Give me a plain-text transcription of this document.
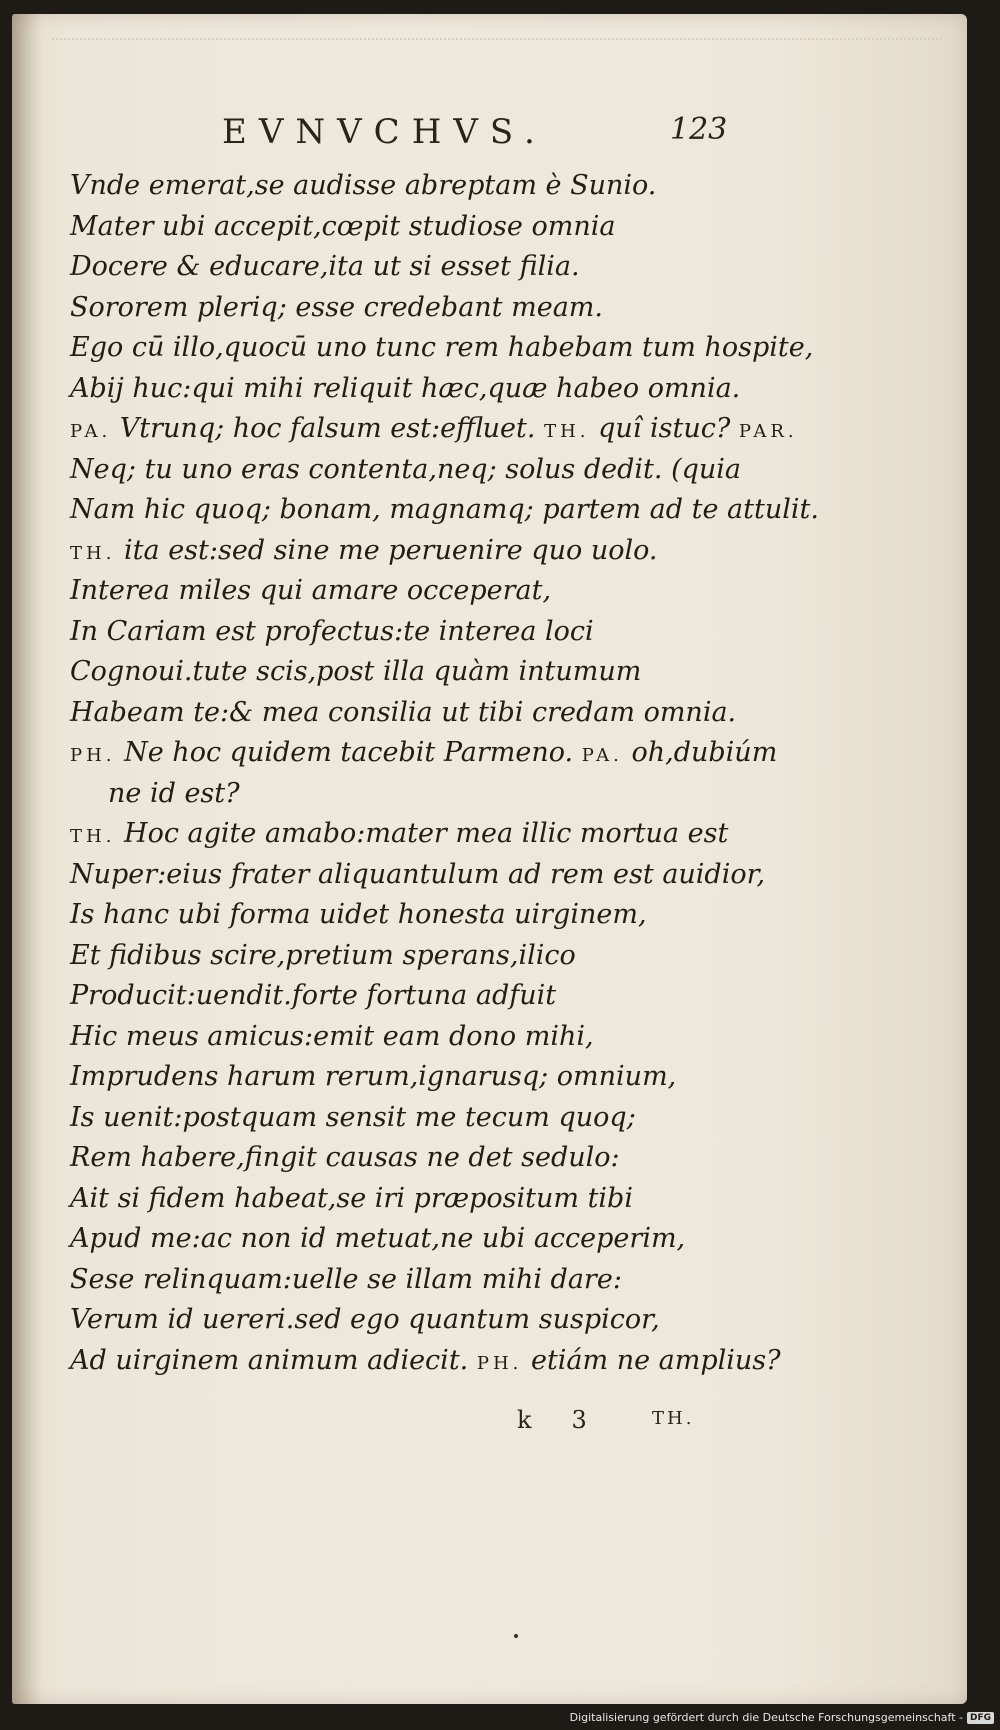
EVNVCHVS.	123
Vnde emerat,se audisse abreptam è Sunio.
Mater ubi accepit,cœpit studiose omnia
Docere & educare,ita ut si esset filia.
Sororem pleriq; esse credebant meam.
Ego cū illo,quocū uno tunc rem habebam tum hospite,
Abij huc:qui mihi reliquit hæc,quæ habeo omnia.
PA. Vtrunq; hoc falsum est:effluet. TH. quî istuc? PAR.
Neq; tu uno eras contenta,neq; solus dedit. (quia
Nam hic quoq; bonam, magnamq; partem ad te attulit.
TH. ita est:sed sine me peruenire quo uolo.
Interea miles qui amare occeperat,
In Cariam est profectus:te interea loci
Cognoui.tute scis,post illa quàm intumum
Habeam te:& mea consilia ut tibi credam omnia.
PH. Ne hoc quidem tacebit Parmeno. PA. oh,dubiúm
ne id est?
TH. Hoc agite amabo:mater mea illic mortua est
Nuper:eius frater aliquantulum ad rem est auidior,
Is hanc ubi forma uidet honesta uirginem,
Et fidibus scire,pretium sperans,ilico
Producit:uendit.forte fortuna adfuit
Hic meus amicus:emit eam dono mihi,
Imprudens harum rerum,ignarusq; omnium,
Is uenit:postquam sensit me tecum quoq;
Rem habere,fingit causas ne det sedulo:
Ait si fidem habeat,se iri præpositum tibi
Apud me:ac non id metuat,ne ubi acceperim,
Sese relinquam:uelle se illam mihi dare:
Verum id uereri.sed ego quantum suspicor,
Ad uirginem animum adiecit. PH. etiám ne amplius?
k 3	TH.
Digitalisierung gefördert durch die Deutsche Forschungsgemeinschaft - DFG
